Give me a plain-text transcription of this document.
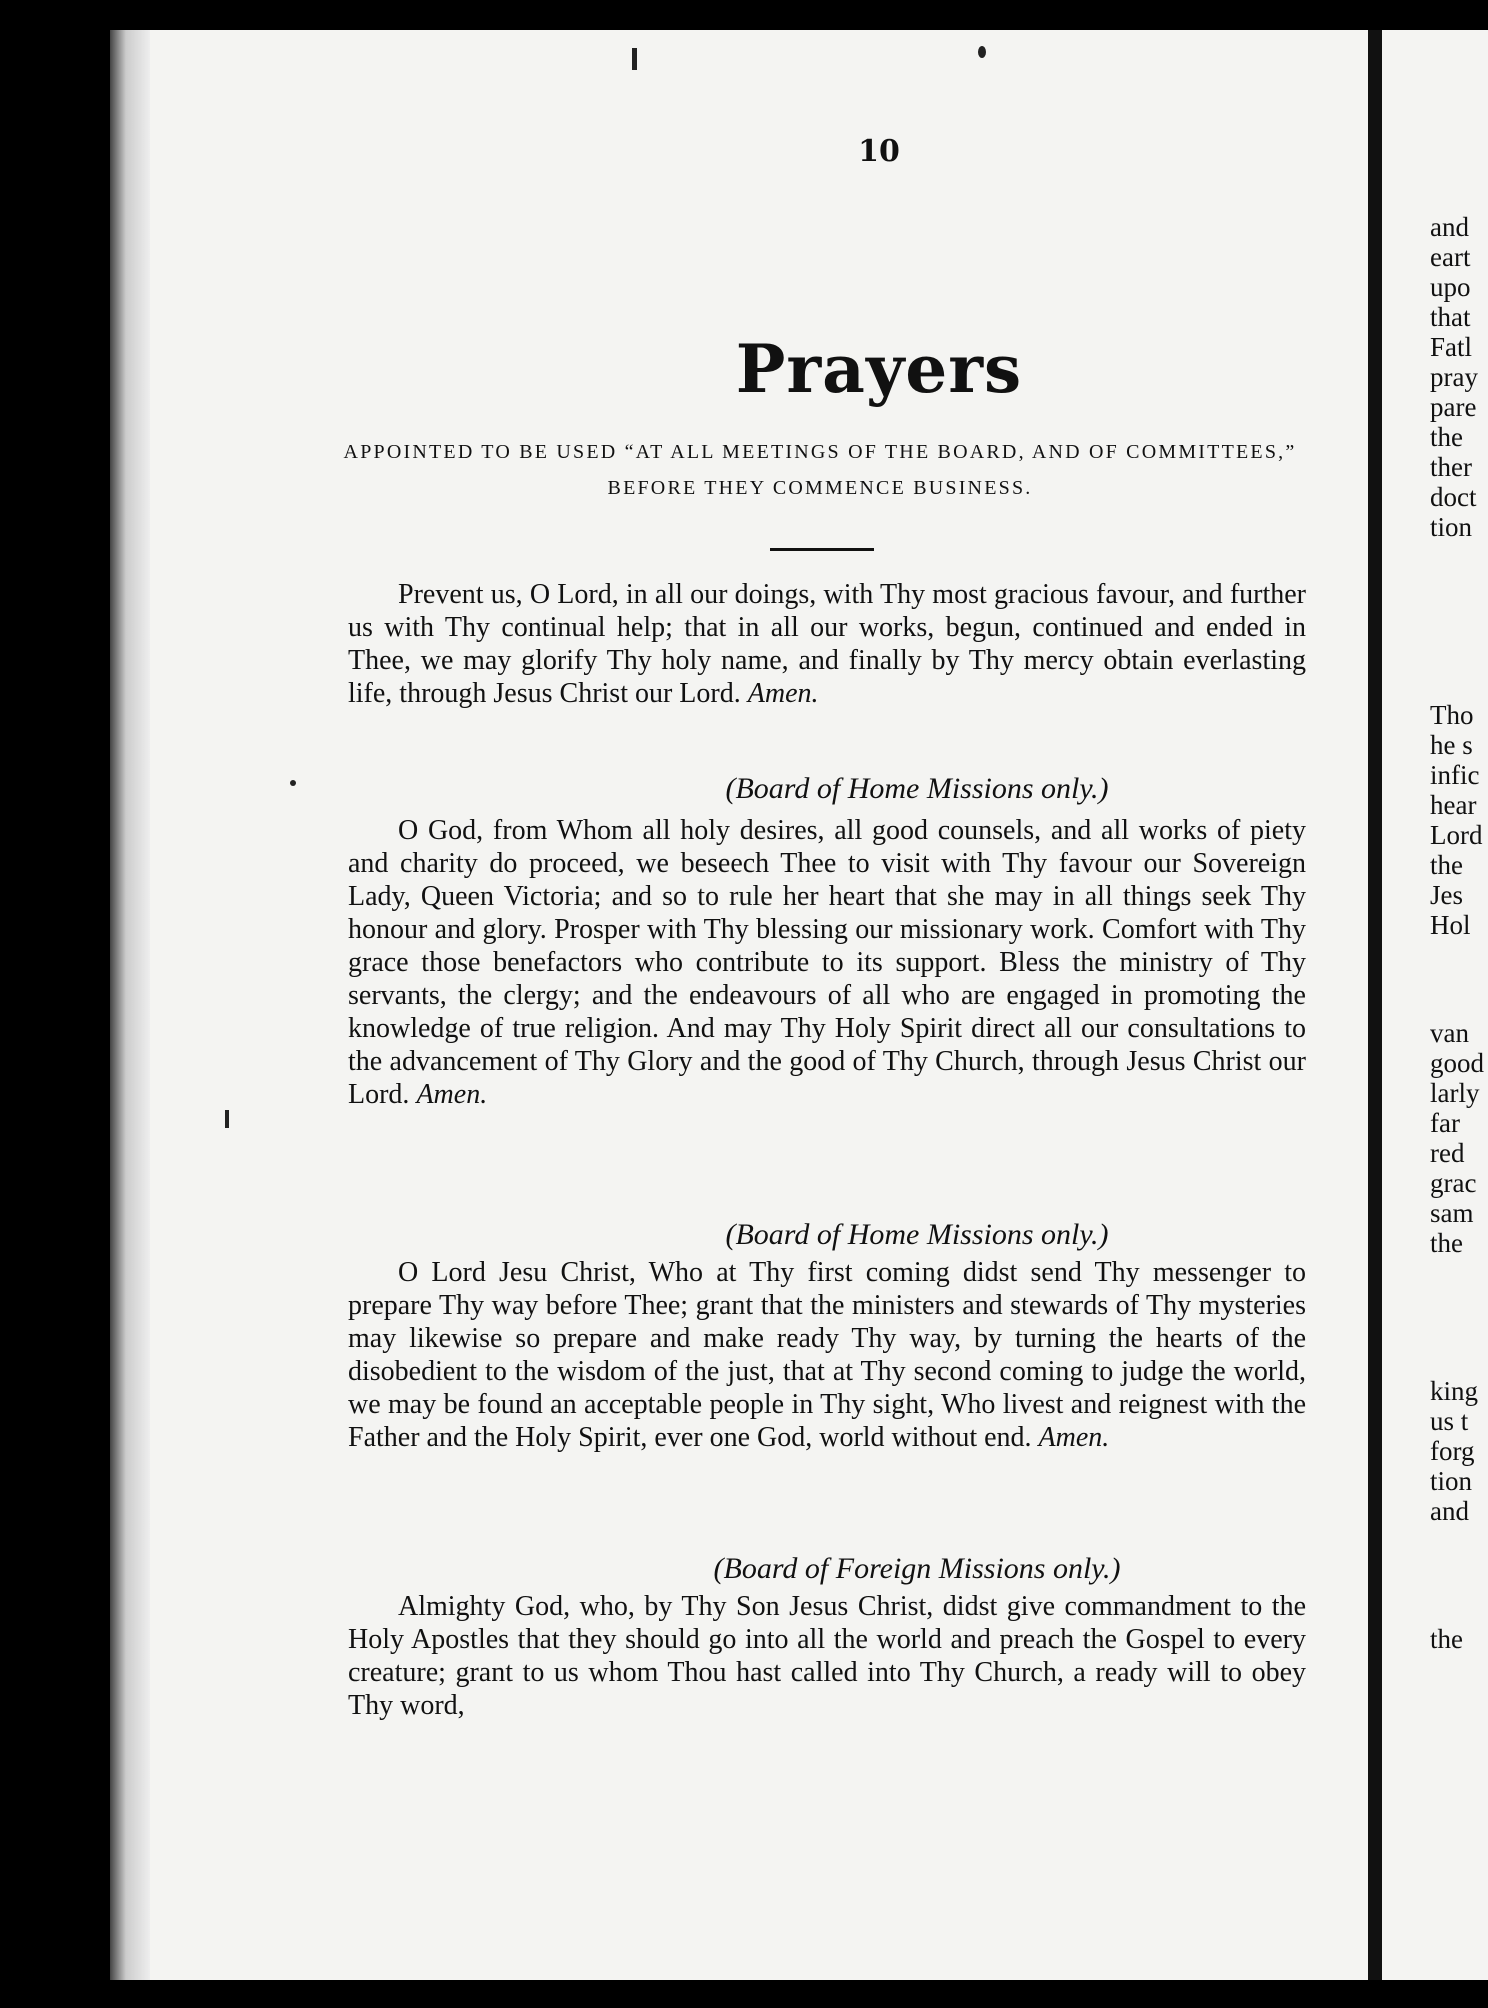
10
Prayers
APPOINTED TO BE USED “AT ALL MEETINGS OF THE BOARD, AND OF COMMITTEES,” BEFORE THEY COMMENCE BUSINESS.

Prevent us, O Lord, in all our doings, with Thy most gracious favour, and further us with Thy continual help; that in all our works, begun, continued and ended in Thee, we may glorify Thy holy name, and finally by Thy mercy obtain everlasting life, through Jesus Christ our Lord. Amen.

(Board of Home Missions only.)

O God, from Whom all holy desires, all good counsels, and all works of piety and charity do proceed, we beseech Thee to visit with Thy favour our Sovereign Lady, Queen Victoria; and so to rule her heart that she may in all things seek Thy honour and glory. Prosper with Thy blessing our missionary work. Comfort with Thy grace those benefactors who contribute to its support. Bless the ministry of Thy servants, the clergy; and the endeavours of all who are engaged in promoting the knowledge of true religion. And may Thy Holy Spirit direct all our consultations to the advancement of Thy Glory and the good of Thy Church, through Jesus Christ our Lord. Amen.

(Board of Home Missions only.)

O Lord Jesu Christ, Who at Thy first coming didst send Thy messenger to prepare Thy way before Thee; grant that the ministers and stewards of Thy mysteries may likewise so prepare and make ready Thy way, by turning the hearts of the disobedient to the wisdom of the just, that at Thy second coming to judge the world, we may be found an acceptable people in Thy sight, Who livest and reignest with the Father and the Holy Spirit, ever one God, world without end. Amen.

(Board of Foreign Missions only.)

Almighty God, who, by Thy Son Jesus Christ, didst give commandment to the Holy Apostles that they should go into all the world and preach the Gospel to every creature; grant to us whom Thou hast called into Thy Church, a ready will to obey Thy word,

and
eart
upo
that
Fatl
pray
pare
the
ther
doct
tion
Tho
he s
infic
hear
Lord
the
Jes
Hol
van
good
larly
far
red
grac
sam
the
king
us t
forg
tion
and
the
